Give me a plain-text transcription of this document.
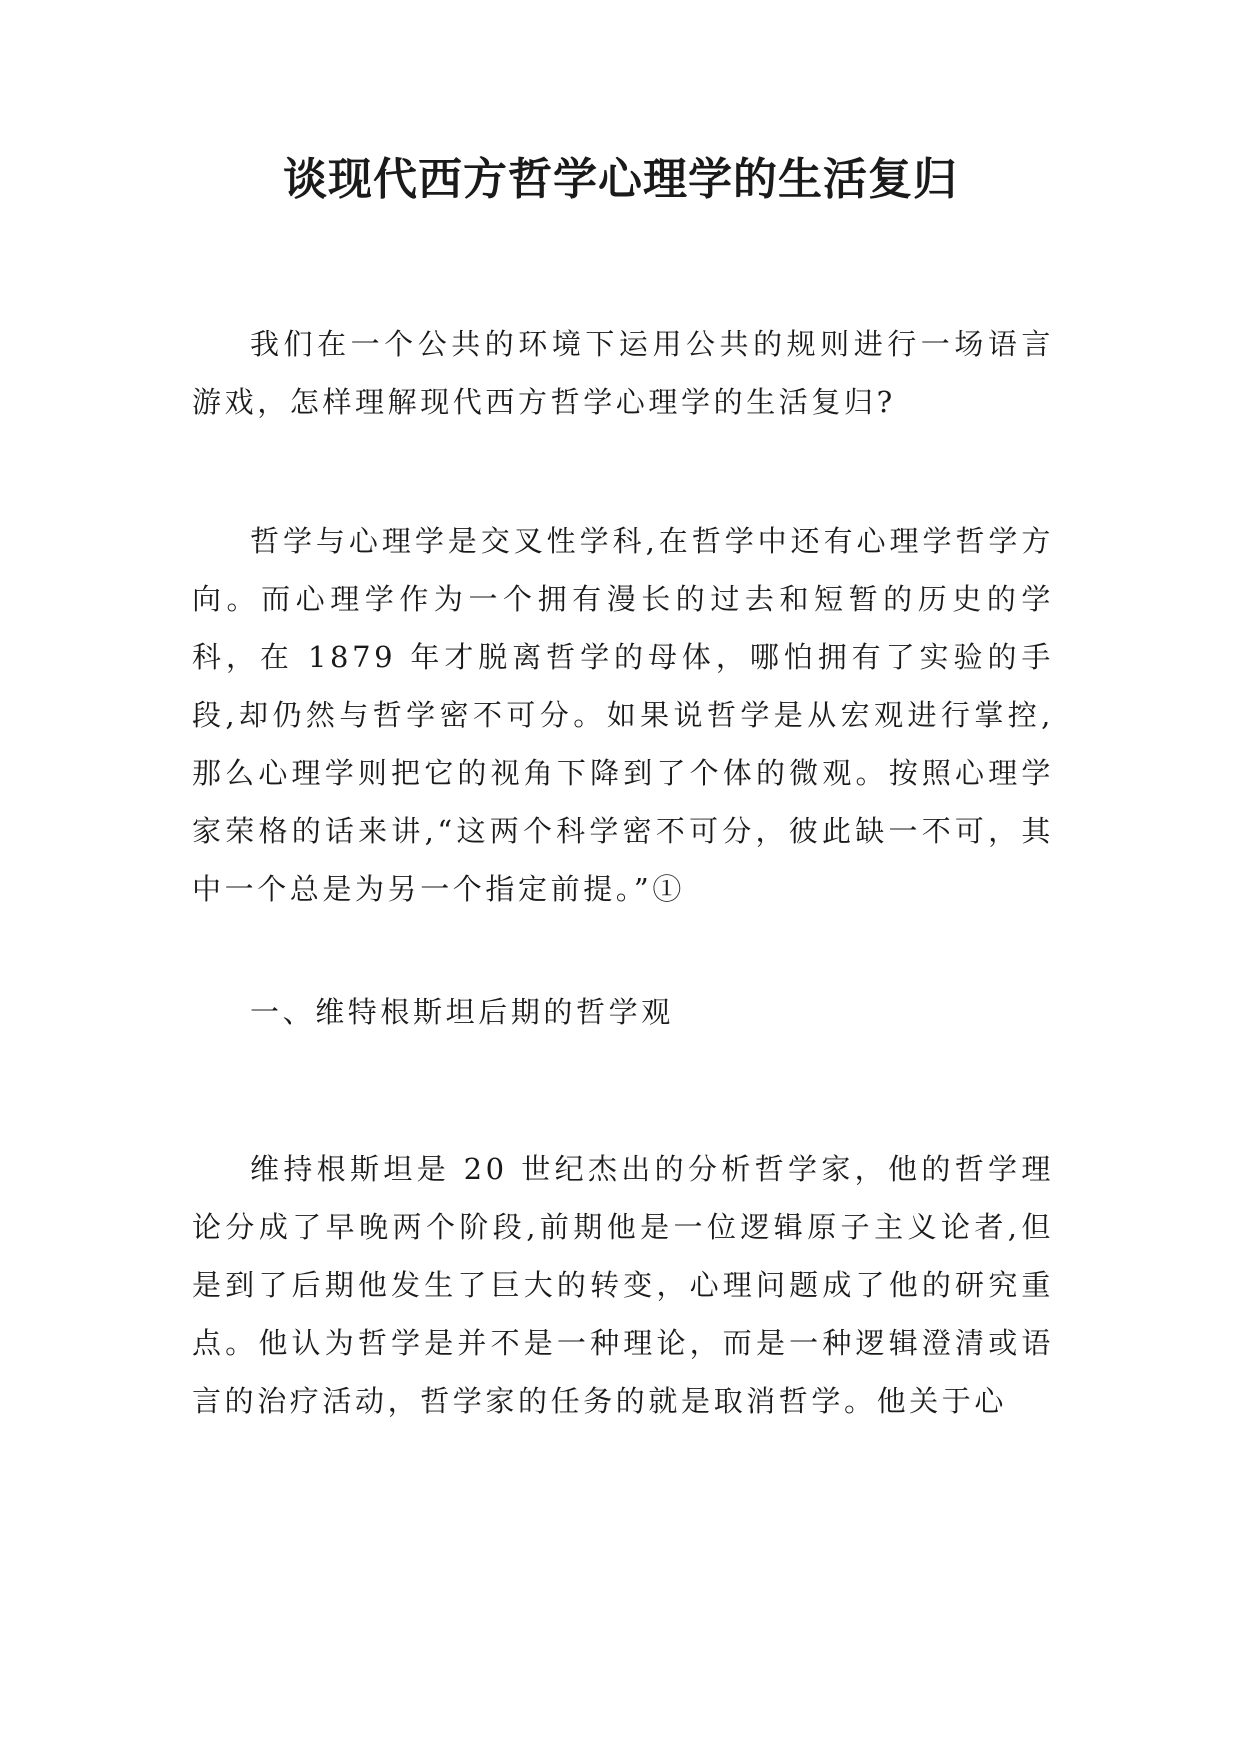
谈现代西方哲学心理学的生活复归

我们在一个公共的环境下运用公共的规则进行一场语言游戏，怎样理解现代西方哲学心理学的生活复归?

哲学与心理学是交叉性学科,在哲学中还有心理学哲学方向。而心理学作为一个拥有漫长的过去和短暂的历史的学科，在 1879 年才脱离哲学的母体，哪怕拥有了实验的手段,却仍然与哲学密不可分。如果说哲学是从宏观进行掌控,那么心理学则把它的视角下降到了个体的微观。按照心理学家荣格的话来讲,“这两个科学密不可分，彼此缺一不可，其中一个总是为另一个指定前提。”①

一、维特根斯坦后期的哲学观

维持根斯坦是 20 世纪杰出的分析哲学家，他的哲学理论分成了早晚两个阶段,前期他是一位逻辑原子主义论者,但是到了后期他发生了巨大的转变，心理问题成了他的研究重点。他认为哲学是并不是一种理论，而是一种逻辑澄清或语言的治疗活动，哲学家的任务的就是取消哲学。他关于心
